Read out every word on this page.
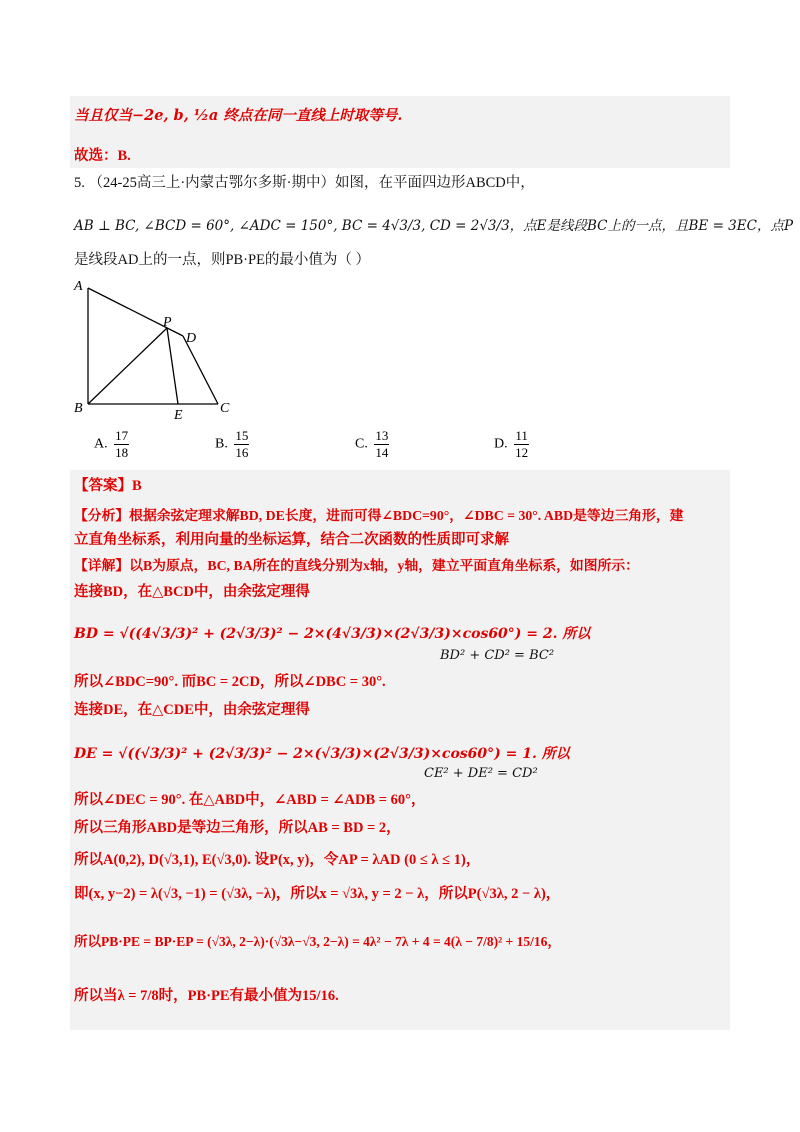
当且仅当−2e, b, ½a 终点在同一直线上时取等号.
故选：B.
5. （24-25高三上·内蒙古鄂尔多斯·期中）如图，在平面四边形ABCD中，
AB ⊥ BC, ∠BCD = 60°, ∠ADC = 150°, BC = 4√3/3, CD = 2√3/3，点E是线段BC上的一点，且BE = 3EC，点P
是线段AD上的一点，则PB·PE的最小值为（ ）
A
B	C
D
E
P
A. $\frac{17}{18}$	B. $\frac{15}{16}$	C. $\frac{13}{14}$	D. $\frac{11}{12}$
【答案】B
【分析】根据余弦定理求解BD, DE长度，进而可得∠BDC=90°，∠DBC = 30°. ABD是等边三角形，建
立直角坐标系，利用向量的坐标运算，结合二次函数的性质即可求解
【详解】以B为原点，BC, BA所在的直线分别为x轴，y轴，建立平面直角坐标系，如图所示：
连接BD，在△BCD中，由余弦定理得
BD = √((4√3/3)² + (2√3/3)² − 2×(4√3/3)×(2√3/3)×cos60°) = 2. 所以
BD² + CD² = BC²
所以∠BDC=90°. 而BC = 2CD，所以∠DBC = 30°.
连接DE，在△CDE中，由余弦定理得
DE = √((√3/3)² + (2√3/3)² − 2×(√3/3)×(2√3/3)×cos60°) = 1. 所以
CE² + DE² = CD²
所以∠DEC = 90°. 在△ABD中，∠ABD = ∠ADB = 60°，
所以三角形ABD是等边三角形，所以AB = BD = 2，
所以A(0,2), D(√3,1), E(√3,0). 设P(x, y)，令AP = λAD (0 ≤ λ ≤ 1)，
即(x, y−2) = λ(√3, −1) = (√3λ, −λ)，所以x = √3λ, y = 2 − λ，所以P(√3λ, 2 − λ)，
所以PB·PE = BP·EP = (√3λ, 2−λ)·(√3λ−√3, 2−λ) = 4λ² − 7λ + 4 = 4(λ − 7/8)² + 15/16，
所以当λ = 7/8时，PB·PE有最小值为15/16.
